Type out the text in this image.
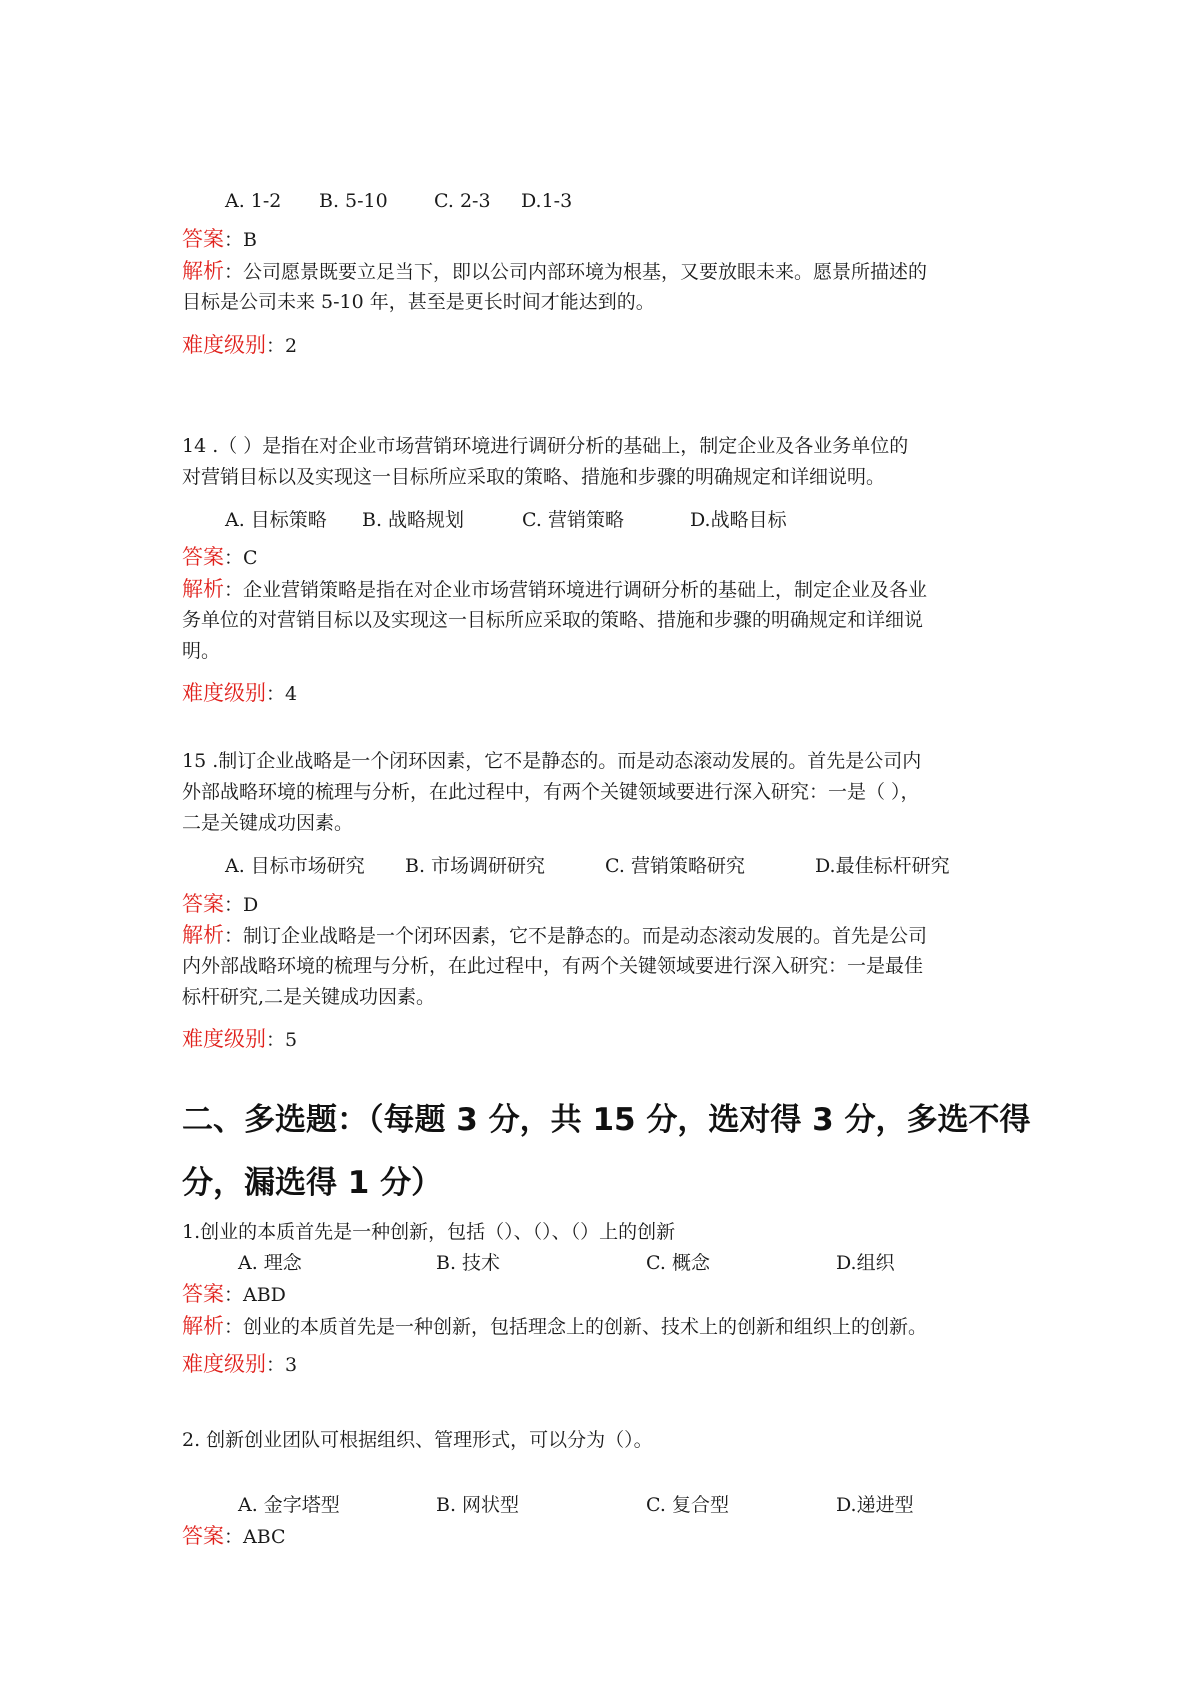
A. 1-2 B. 5-10 C. 2-3 D.1-3
答案：B
解析：公司愿景既要立足当下，即以公司内部环境为根基，又要放眼未来。愿景所描述的
目标是公司未来 5-10 年，甚至是更长时间才能达到的。
难度级别：2
14 .（ ）是指在对企业市场营销环境进行调研分析的基础上，制定企业及各业务单位的
对营销目标以及实现这一目标所应采取的策略、措施和步骤的明确规定和详细说明。
A. 目标策略 B. 战略规划	C. 营销策略	D.战略目标
答案：C
解析：企业营销策略是指在对企业市场营销环境进行调研分析的基础上，制定企业及各业
务单位的对营销目标以及实现这一目标所应采取的策略、措施和步骤的明确规定和详细说
明。
难度级别：4
15 .制订企业战略是一个闭环因素，它不是静态的。而是动态滚动发展的。首先是公司内
外部战略环境的梳理与分析，在此过程中，有两个关键领域要进行深入研究：一是（ ），
二是关键成功因素。
A. 目标市场研究 B. 市场调研研究	C. 营销策略研究	D.最佳标杆研究
答案：D
解析：制订企业战略是一个闭环因素，它不是静态的。而是动态滚动发展的。首先是公司
内外部战略环境的梳理与分析，在此过程中，有两个关键领域要进行深入研究：一是最佳
标杆研究,二是关键成功因素。
难度级别：5
二、多选题：（每题 3 分，共 15 分，选对得 3 分，多选不得
分，漏选得 1 分）
1.创业的本质首先是一种创新，包括（）、（）、（）上的创新
A. 理念	B. 技术	C. 概念	D.组织
答案：ABD
解析：创业的本质首先是一种创新，包括理念上的创新、技术上的创新和组织上的创新。
难度级别：3
2. 创新创业团队可根据组织、管理形式，可以分为（）。
A. 金字塔型	B. 网状型	C. 复合型	D.递进型
答案：ABC
